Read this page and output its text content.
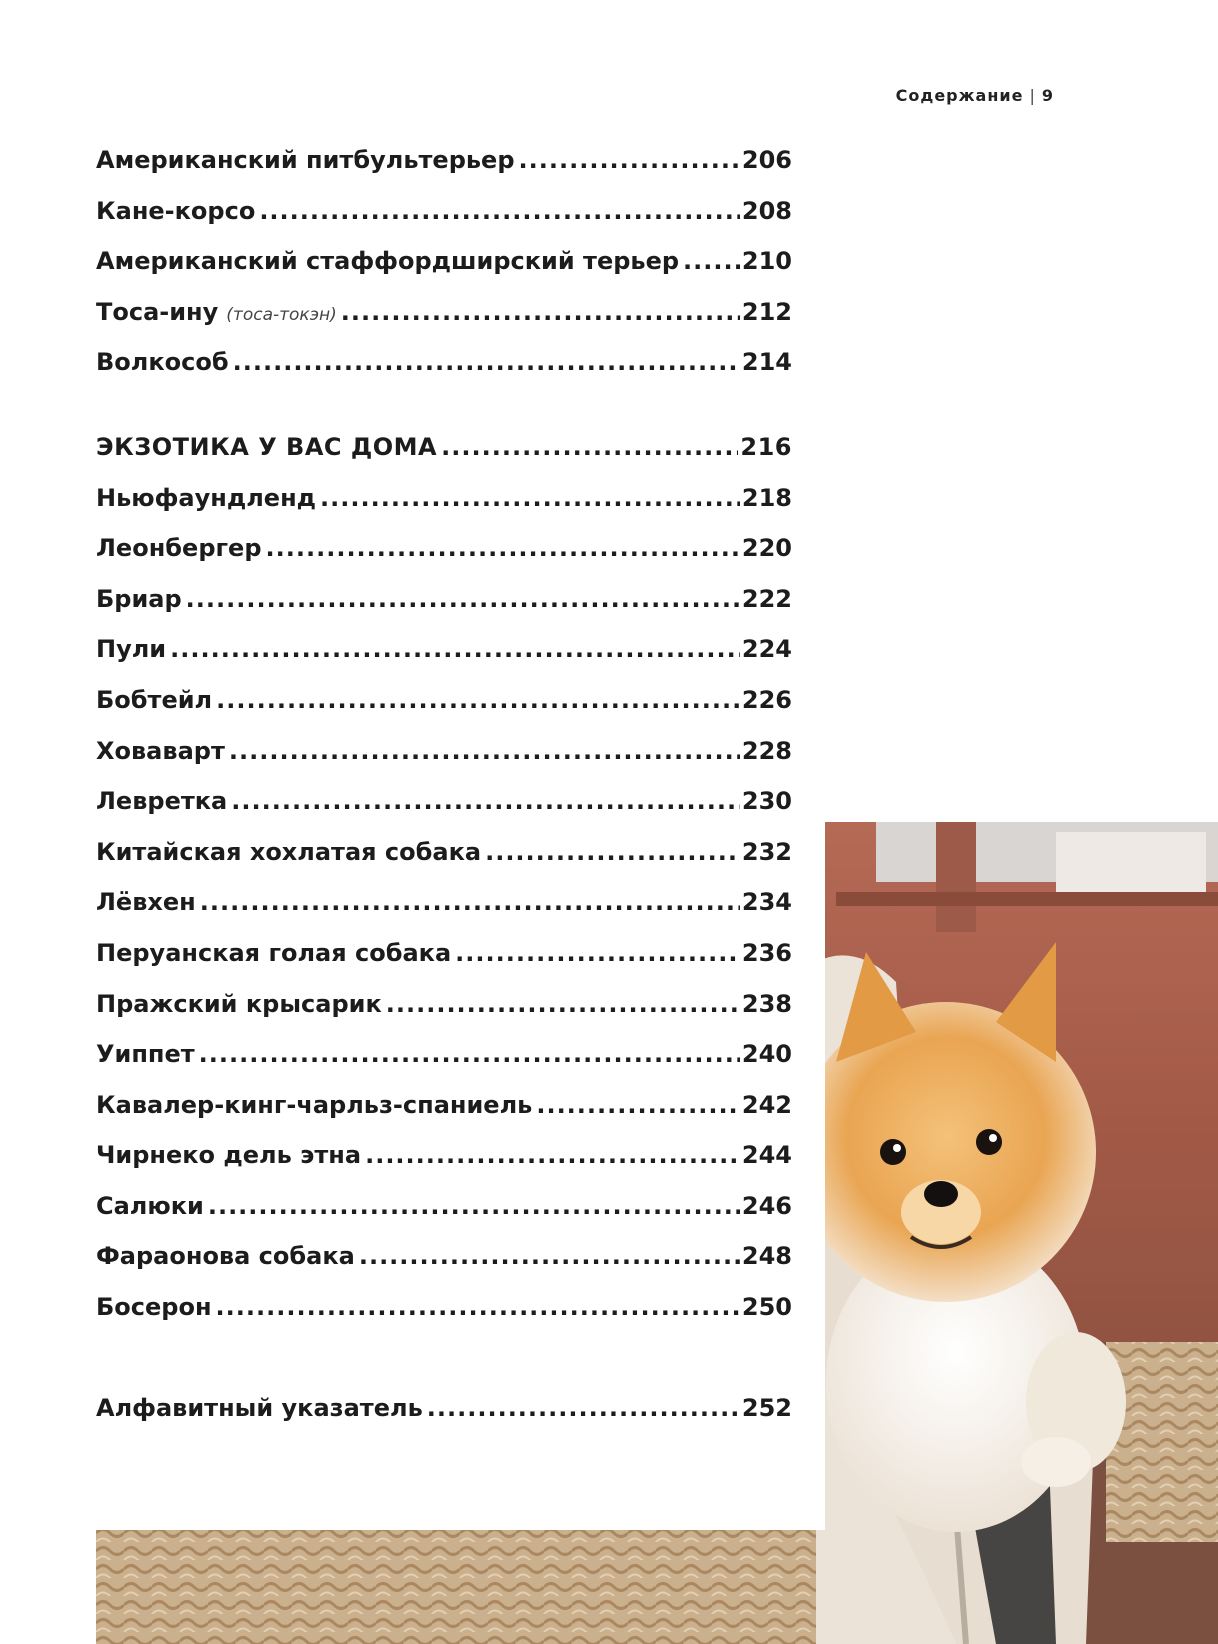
Содержание | 9
Американский питбультерьер .....	206
Кане-корсо .....	208
Американский стаффордширский терьер .....	210
Тоса-ину (тоса-токэн) .....	212
Волкособ .....	214
ЭКЗОТИКА У ВАС ДОМА .....	216
Ньюфаундленд .....	218
Леонбергер .....	220
Бриар .....	222
Пули .....	224
Бобтейл .....	226
Ховаварт .....	228
Левретка .....	230
Китайская хохлатая собака .....	232
Лёвхен .....	234
Перуанская голая собака .....	236
Пражский крысарик .....	238
Уиппет .....	240
Кавалер-кинг-чарльз-спаниель .....	242
Чирнеко дель этна .....	244
Салюки .....	246
Фараонова собака .....	248
Босерон .....	250
Алфавитный указатель .....	252
